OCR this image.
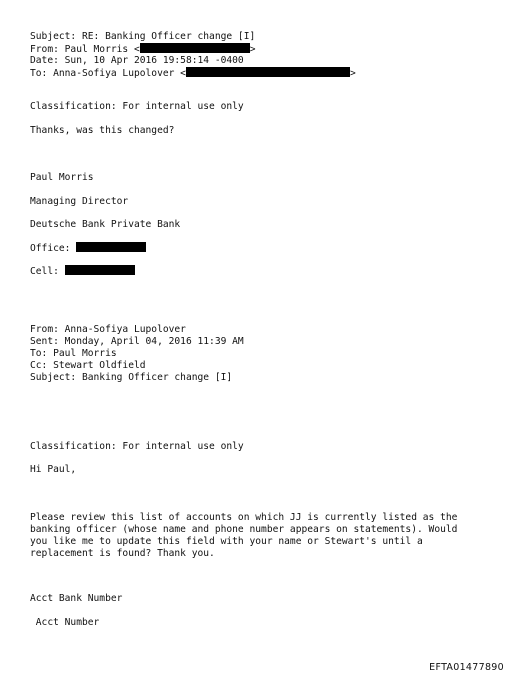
Subject: RE: Banking Officer change [I]
From: Paul Morris <	>
Date: Sun, 10 Apr 2016 19:58:14 -0400
To: Anna-Sofiya Lupolover <	>
Classification: For internal use only
Thanks, was this changed?
Paul Morris
Managing Director
Deutsche Bank Private Bank
Office:
Cell:
From: Anna-Sofiya Lupolover
Sent: Monday, April 04, 2016 11:39 AM
To: Paul Morris
Cc: Stewart Oldfield
Subject: Banking Officer change [I]
Classification: For internal use only
Hi Paul,
Please review this list of accounts on which JJ is currently listed as the
banking officer (whose name and phone number appears on statements). Would
you like me to update this field with your name or Stewart's until a
replacement is found? Thank you.
Acct Bank Number
Acct Number
EFTA01477890
